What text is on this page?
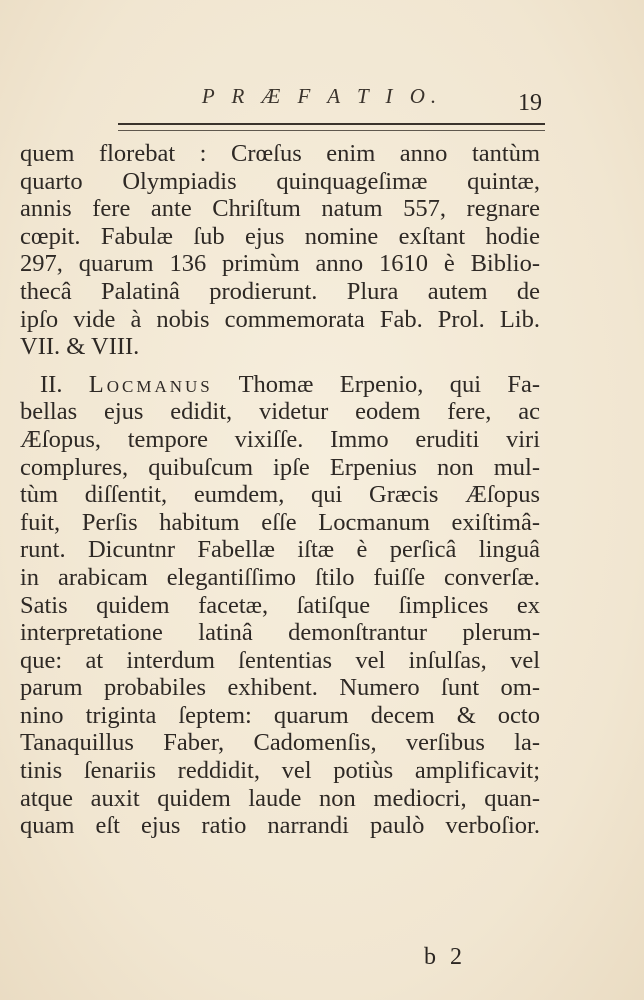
P R Æ F A T I O.	19
quem florebat : Crœſus enim anno tantùm
quarto Olympiadis quinquageſimæ quintæ,
annis fere ante Chriſtum natum 557, regnare
cœpit. Fabulæ ſub ejus nomine exſtant hodie
297, quarum 136 primùm anno 1610 è Biblio-
thecâ Palatinâ prodierunt. Plura autem de
ipſo vide à nobis commemorata Fab. Prol. Lib.
VII. & VIII.
II. Locmanus Thomæ Erpenio, qui Fa-
bellas ejus edidit, videtur eodem fere, ac
Æſopus, tempore vixiſſe. Immo eruditi viri
complures, quibuſcum ipſe Erpenius non mul-
tùm diſſentit, eumdem, qui Græcis Æſopus
fuit, Perſis habitum eſſe Locmanum exiſtimâ-
runt. Dicuntnr Fabellæ iſtæ è perſicâ linguâ
in arabicam elegantiſſimo ſtilo fuiſſe converſæ.
Satis quidem facetæ, ſatiſque ſimplices ex
interpretatione latinâ demonſtrantur plerum-
que: at interdum ſententias vel inſulſas, vel
parum probabiles exhibent. Numero ſunt om-
nino triginta ſeptem: quarum decem & octo
Tanaquillus Faber, Cadomenſis, verſibus la-
tinis ſenariis reddidit, vel potiùs amplificavit;
atque auxit quidem laude non mediocri, quan-
quam eſt ejus ratio narrandi paulò verboſior.
b 2
